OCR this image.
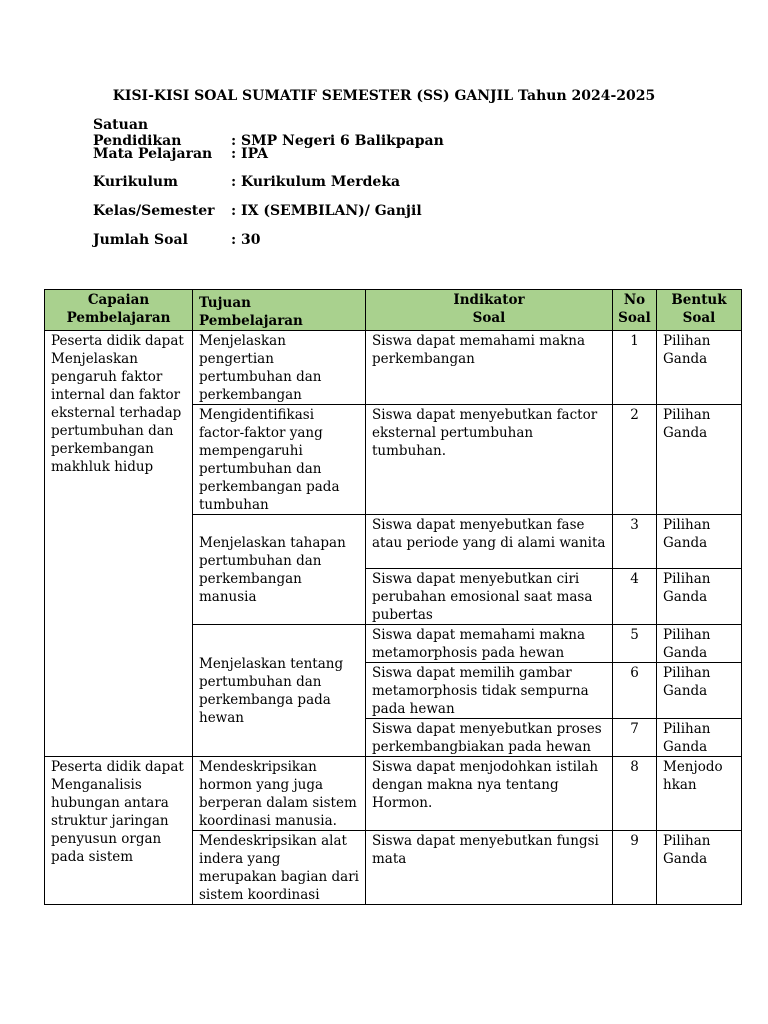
KISI-KISI SOAL SUMATIF SEMESTER (SS) GANJIL Tahun 2024-2025
Satuan Pendidikan	: SMP Negeri 6 Balikpapan
Mata Pelajaran : IPA
Kurikulum	: Kurikulum Merdeka
Kelas/Semester : IX (SEMBILAN)/ Ganjil
Jumlah Soal	: 30
Capaian Pembelajaran	Tujuan Pembelajaran	Indikator Soal	No Soal	Bentuk Soal
Peserta didik dapat Menjelaskan pengaruh faktor internal dan faktor eksternal terhadap pertumbuhan dan perkembangan makhluk hidup	Menjelaskan pengertian pertumbuhan dan perkembangan	Siswa dapat memahami makna perkembangan	1	Pilihan Ganda
	Mengidentifikasi factor-faktor yang mempengaruhi pertumbuhan dan perkembangan pada tumbuhan	Siswa dapat menyebutkan factor eksternal pertumbuhan tumbuhan.	2	Pilihan Ganda
	Menjelaskan tahapan pertumbuhan dan perkembangan manusia	Siswa dapat menyebutkan fase atau periode yang di alami wanita	3	Pilihan Ganda
		Siswa dapat menyebutkan ciri perubahan emosional saat masa pubertas	4	Pilihan Ganda
	Menjelaskan tentang pertumbuhan dan perkembanga pada hewan	Siswa dapat memahami makna metamorphosis pada hewan	5	Pilihan Ganda
		Siswa dapat memilih gambar metamorphosis tidak sempurna pada hewan	6	Pilihan Ganda
		Siswa dapat menyebutkan proses perkembangbiakan pada hewan	7	Pilihan Ganda
Peserta didik dapat Menganalisis hubungan antara struktur jaringan penyusun organ pada sistem	Mendeskripsikan hormon yang juga berperan dalam sistem koordinasi manusia.	Siswa dapat menjodohkan istilah dengan makna nya tentang Hormon.	8	Menjodo hkan
	Mendeskripsikan alat indera yang merupakan bagian dari sistem koordinasi	Siswa dapat menyebutkan fungsi mata	9	Pilihan Ganda
